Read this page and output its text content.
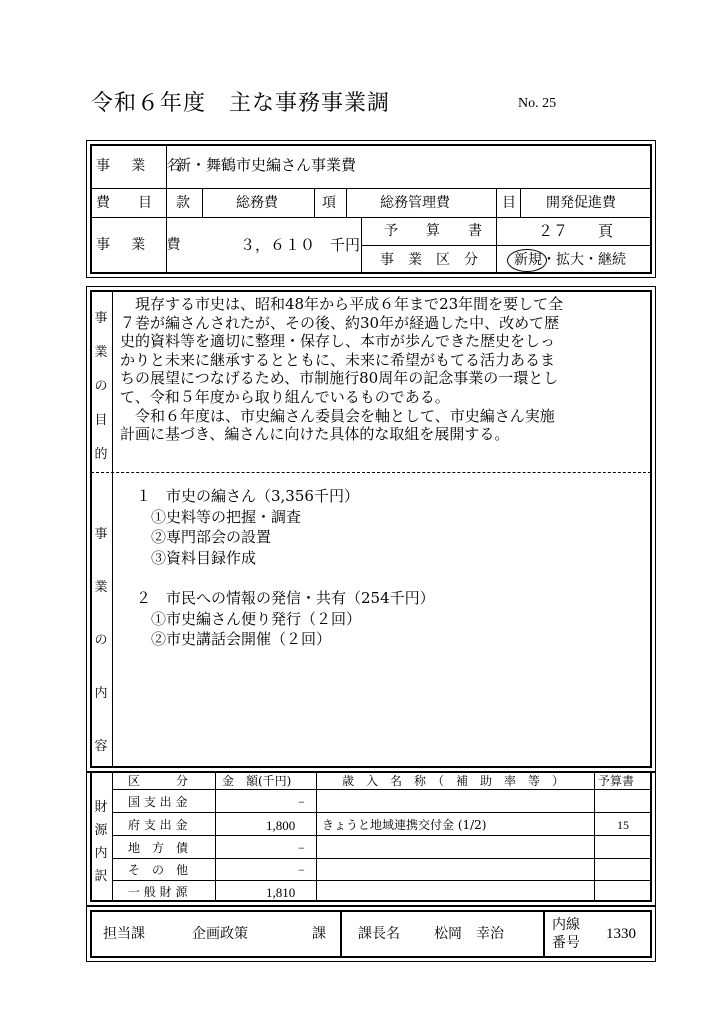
令和６年度　主な事務事業調	No. 25
事 業 名
新・舞鶴市史編さん事業費
費　　目 款	総務費	項	総務管理費	目 開発促進費
事 業 費	３，６１０　千円
予　　算　　書	２７　　頁
事　業　区　分	新規・拡大・継続
事
業
の
目
的

　現存する市史は、昭和48年から平成６年まで23年間を要して全

７巻が編さんされたが、その後、約30年が経過した中、改めて歴

史的資料等を適切に整理・保存し、本市が歩んできた歴史をしっ

かりと未来に継承するとともに、未来に希望がもてる活力あるま

ちの展望につなげるため、市制施行80周年の記念事業の一環とし

て、令和５年度から取り組んでいるものである。

　令和６年度は、市史編さん委員会を軸として、市史編さん実施

計画に基づき、編さんに向けた具体的な取組を展開する。

事
業
の
内
容
１　市史の編さん（3,356千円）
　①史料等の把握・調査
　②専門部会の設置
　③資料目録作成
２　市民への情報の発信・共有（254千円）
　①市史編さん便り発行（２回）
　②市史講話会開催（２回）
財
源
内
訳
区　　　分	金　額(千円)	歳　入　名　称　（　補　助　率　等　）	予算書
国 支 出 金	−
府 支 出 金	1,800 きょうと地域連携交付金 (1/2)	15
地　方　債	−
そ　の　他	−
一 般 財 源	1,810
担当課	企画政策	課 課長名 松岡　幸治
内線
番号
1330
